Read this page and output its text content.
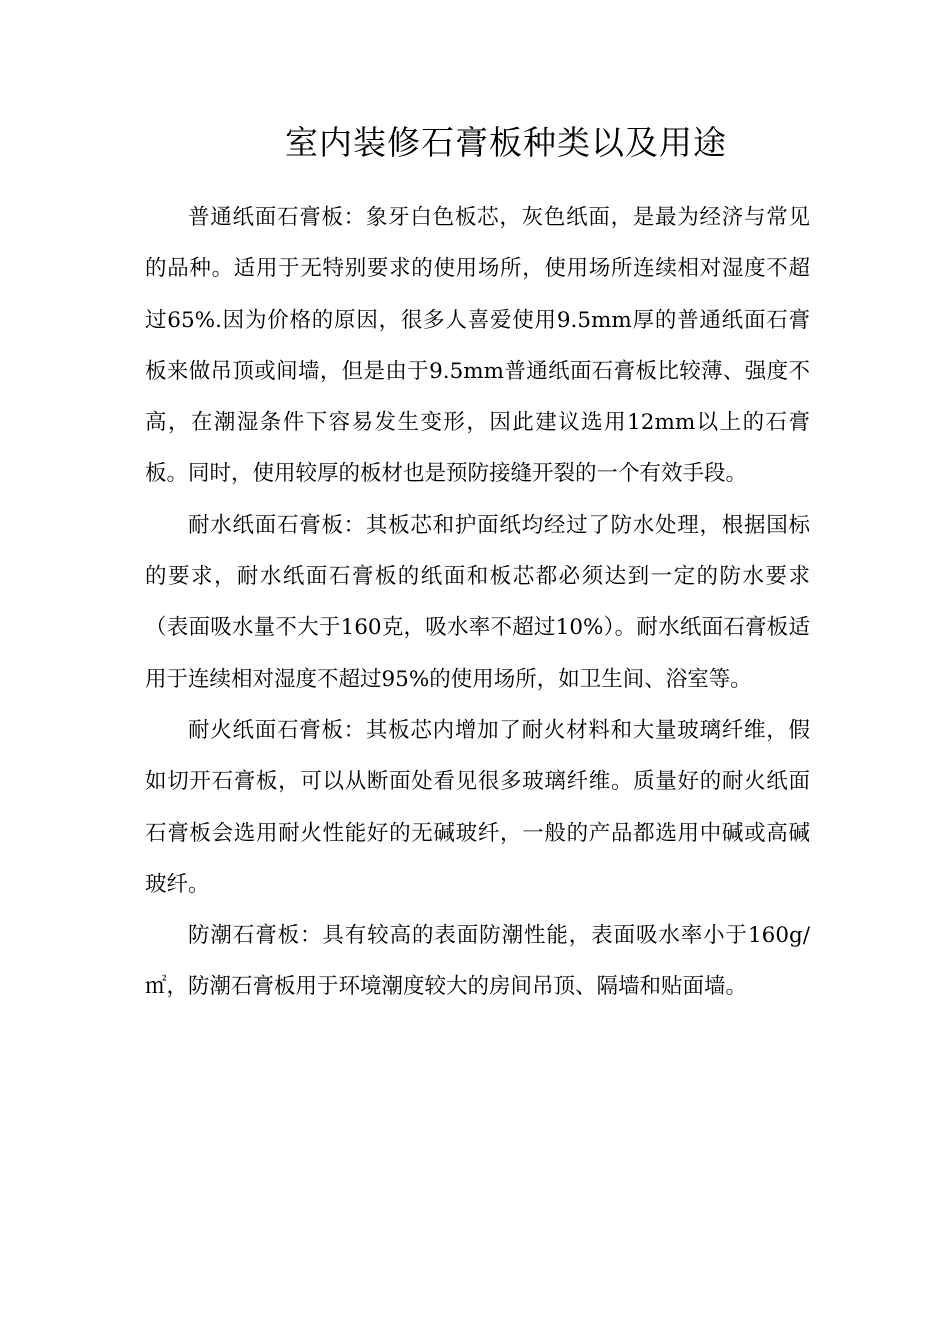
室内装修石膏板种类以及用途

普通纸面石膏板：象牙白色板芯，灰色纸面，是最为经济与常见的品种。适用于无特别要求的使用场所，使用场所连续相对湿度不超过65%.因为价格的原因，很多人喜爱使用9.5mm厚的普通纸面石膏板来做吊顶或间墙，但是由于9.5mm普通纸面石膏板比较薄、强度不高，在潮湿条件下容易发生变形，因此建议选用12mm以上的石膏板。同时，使用较厚的板材也是预防接缝开裂的一个有效手段。

耐水纸面石膏板：其板芯和护面纸均经过了防水处理，根据国标的要求，耐水纸面石膏板的纸面和板芯都必须达到一定的防水要求（表面吸水量不大于160克，吸水率不超过10%）。耐水纸面石膏板适用于连续相对湿度不超过95%的使用场所，如卫生间、浴室等。

耐火纸面石膏板：其板芯内增加了耐火材料和大量玻璃纤维，假如切开石膏板，可以从断面处看见很多玻璃纤维。质量好的耐火纸面石膏板会选用耐火性能好的无碱玻纤，一般的产品都选用中碱或高碱玻纤。

防潮石膏板：具有较高的表面防潮性能，表面吸水率小于160g/㎡，防潮石膏板用于环境潮度较大的房间吊顶、隔墙和贴面墙。
